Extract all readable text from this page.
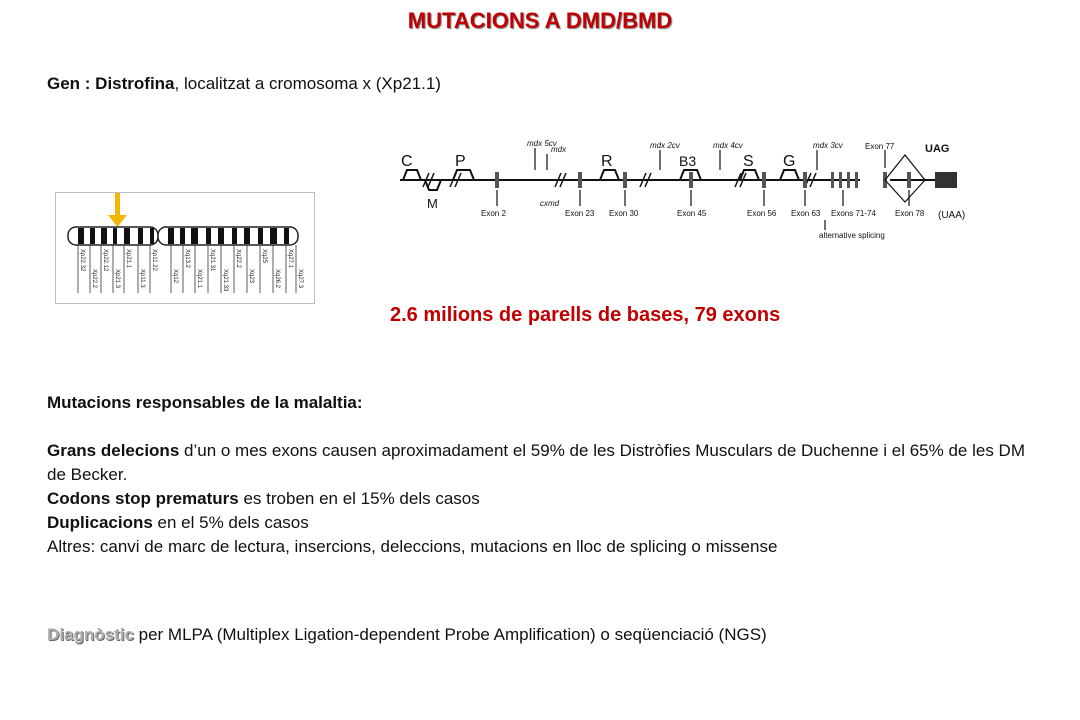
MUTACIONS A DMD/BMD
Gen : Distrofina, localitzat a cromosoma x (Xp21.1)
Xp22.32
Xp22.2
Xp22.12
Xp21.3
Xp21.1
Xp11.3
Xp11.22
Xq12
Xq13.2
Xq21.1
Xq21.31
Xq21.33
Xq22.2
Xq23
Xq25
Xq26.2
Xq27.1
Xq27.3
C	P
M
R	B3	S G
mdx 5cv
mdx
cxmd
mdx 2cv	mdx 4cv	mdx 3cv
Exon 2	Exon 23 Exon 30	Exon 45	Exon 56 Exon 63 Exons 71-74
Exon 77
Exon 78
alternative splicing
UAG
(UAA)
2.6 milions de parells de bases, 79 exons

Mutacions responsables de la malaltia:

Grans delecions d’un o mes exons causen aproximadament el 59% de les Distròfies Musculars de Duchenne i el 65% de les DM de Becker.

Codons stop prematurs es troben en el 15% dels casos

Duplicacions en el 5% dels casos

Altres: canvi de marc de lectura, insercions, deleccions, mutacions en lloc de splicing o missense

Diagnòstic per MLPA (Multiplex Ligation-dependent Probe Amplification) o seqüenciació (NGS)
